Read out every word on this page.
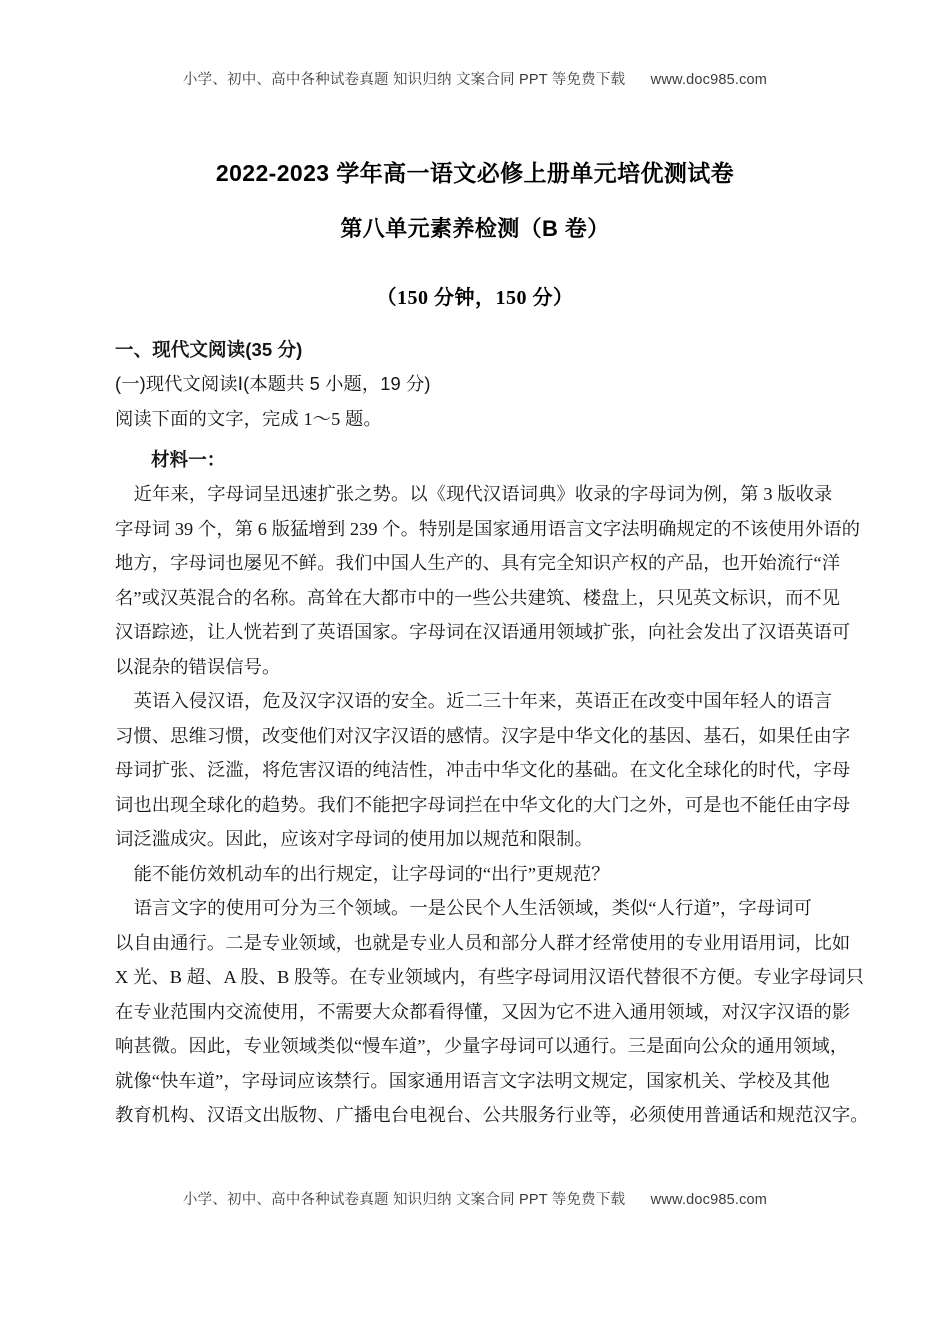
小学、初中、高中各种试卷真题 知识归纳 文案合同 PPT 等免费下载      www.doc985.com
2022-2023 学年高一语文必修上册单元培优测试卷
第八单元素养检测（B 卷）
（150 分钟，150 分）
一、现代文阅读(35 分)
(一)现代文阅读Ⅰ(本题共 5 小题，19 分)
阅读下面的文字，完成 1～5 题。
材料一：
近年来，字母词呈迅速扩张之势。以《现代汉语词典》收录的字母词为例，第 3 版收录
字母词 39 个，第 6 版猛增到 239 个。特别是国家通用语言文字法明确规定的不该使用外语的
地方，字母词也屡见不鲜。我们中国人生产的、具有完全知识产权的产品，也开始流行“洋
名”或汉英混合的名称。高耸在大都市中的一些公共建筑、楼盘上，只见英文标识，而不见
汉语踪迹，让人恍若到了英语国家。字母词在汉语通用领域扩张，向社会发出了汉语英语可
以混杂的错误信号。
英语入侵汉语，危及汉字汉语的安全。近二三十年来，英语正在改变中国年轻人的语言
习惯、思维习惯，改变他们对汉字汉语的感情。汉字是中华文化的基因、基石，如果任由字
母词扩张、泛滥，将危害汉语的纯洁性，冲击中华文化的基础。在文化全球化的时代，字母
词也出现全球化的趋势。我们不能把字母词拦在中华文化的大门之外，可是也不能任由字母
词泛滥成灾。因此，应该对字母词的使用加以规范和限制。
能不能仿效机动车的出行规定，让字母词的“出行”更规范？
语言文字的使用可分为三个领域。一是公民个人生活领域，类似“人行道”，字母词可
以自由通行。二是专业领域，也就是专业人员和部分人群才经常使用的专业用语用词，比如
X 光、B 超、A 股、B 股等。在专业领域内，有些字母词用汉语代替很不方便。专业字母词只
在专业范围内交流使用，不需要大众都看得懂，又因为它不进入通用领域，对汉字汉语的影
响甚微。因此，专业领域类似“慢车道”，少量字母词可以通行。三是面向公众的通用领域，
就像“快车道”，字母词应该禁行。国家通用语言文字法明文规定，国家机关、学校及其他
教育机构、汉语文出版物、广播电台电视台、公共服务行业等，必须使用普通话和规范汉字。
小学、初中、高中各种试卷真题 知识归纳 文案合同 PPT 等免费下载      www.doc985.com
